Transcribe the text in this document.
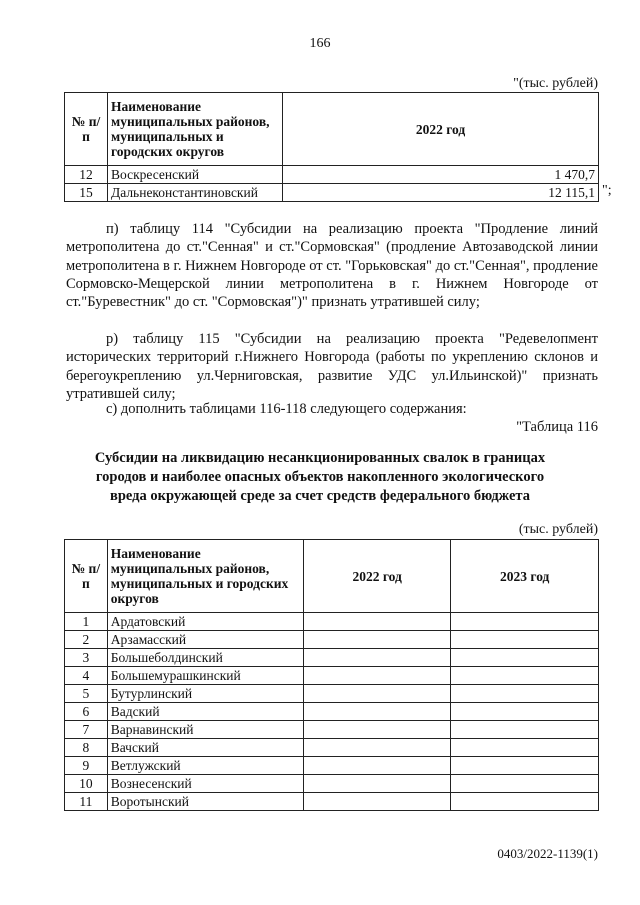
166
"(тыс. рублей)
№ п/п	Наименование муниципальных районов, муниципальных и городских округов	2022 год
12	Воскресенский	1 470,7
15	Дальнеконстантиновский	12 115,1 ";
п) таблицу 114 "Субсидии на реализацию проекта "Продление линий метрополитена до ст."Сенная" и ст."Сормовская" (продление Автозаводской линии метрополитена в г. Нижнем Новгороде от ст. "Горьковская" до ст."Сенная", продление Сормовско-Мещерской линии метрополитена в г. Нижнем Новгороде от ст."Буревестник" до ст. "Сормовская")" признать утратившей силу;
р) таблицу 115 "Субсидии на реализацию проекта "Редевелопмент исторических территорий г.Нижнего Новгорода (работы по укреплению склонов и берегоукреплению ул.Черниговская, развитие УДС ул.Ильинской)" признать утратившей силу;
с) дополнить таблицами 116-118 следующего содержания:
"Таблица 116
Субсидии на ликвидацию несанкционированных свалок в границах городов и наиболее опасных объектов накопленного экологического вреда окружающей среде за счет средств федерального бюджета
(тыс. рублей)
№ п/п	Наименование муниципальных районов, муниципальных и городских округов	2022 год	2023 год
1	Ардатовский		
2	Арзамасский		
3	Большеболдинский		
4	Большемурашкинский		
5	Бутурлинский		
6	Вадский		
7	Варнавинский		
8	Вачский		
9	Ветлужский		
10	Вознесенский		
11	Воротынский		
0403/2022-1139(1)
